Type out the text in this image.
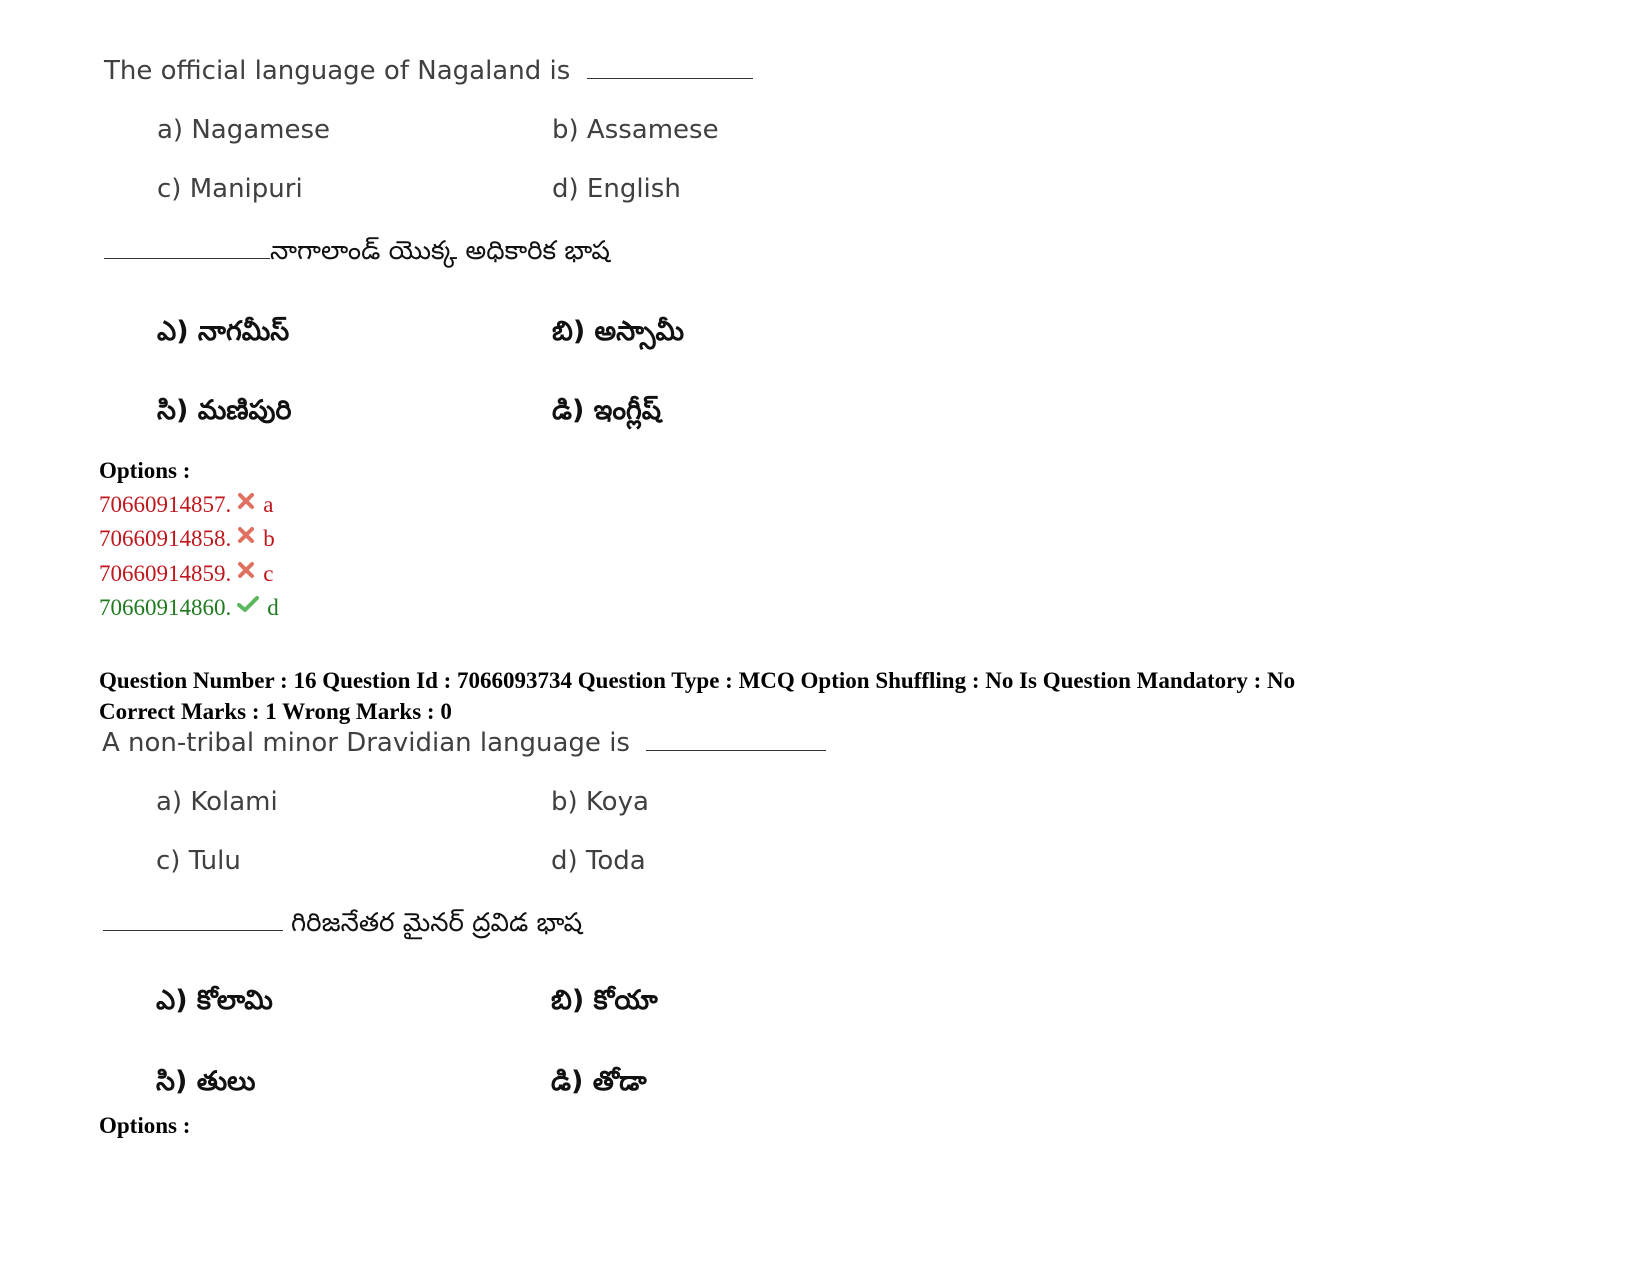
The official language of Nagaland is
a) Nagamese	b) Assamese
c) Manipuri	d) English
నాగాలాండ్ యొక్క అధికారిక భాష
ఎ) నాగమీస్	బి) అస్సామీ
సి) మణిపురి	డి) ఇంగ్లీష్
Options :
70660914857. a
70660914858. b
70660914859. c
70660914860. d
Question Number : 16 Question Id : 7066093734 Question Type : MCQ Option Shuffling : No Is Question Mandatory : No
Correct Marks : 1 Wrong Marks : 0
A non-tribal minor Dravidian language is
a) Kolami	b) Koya
c) Tulu	d) Toda
గిరిజనేతర మైనర్ ద్రవిడ భాష
ఎ) కోలామి	బి) కోయా
సి) తులు	డి) తోడా
Options :
